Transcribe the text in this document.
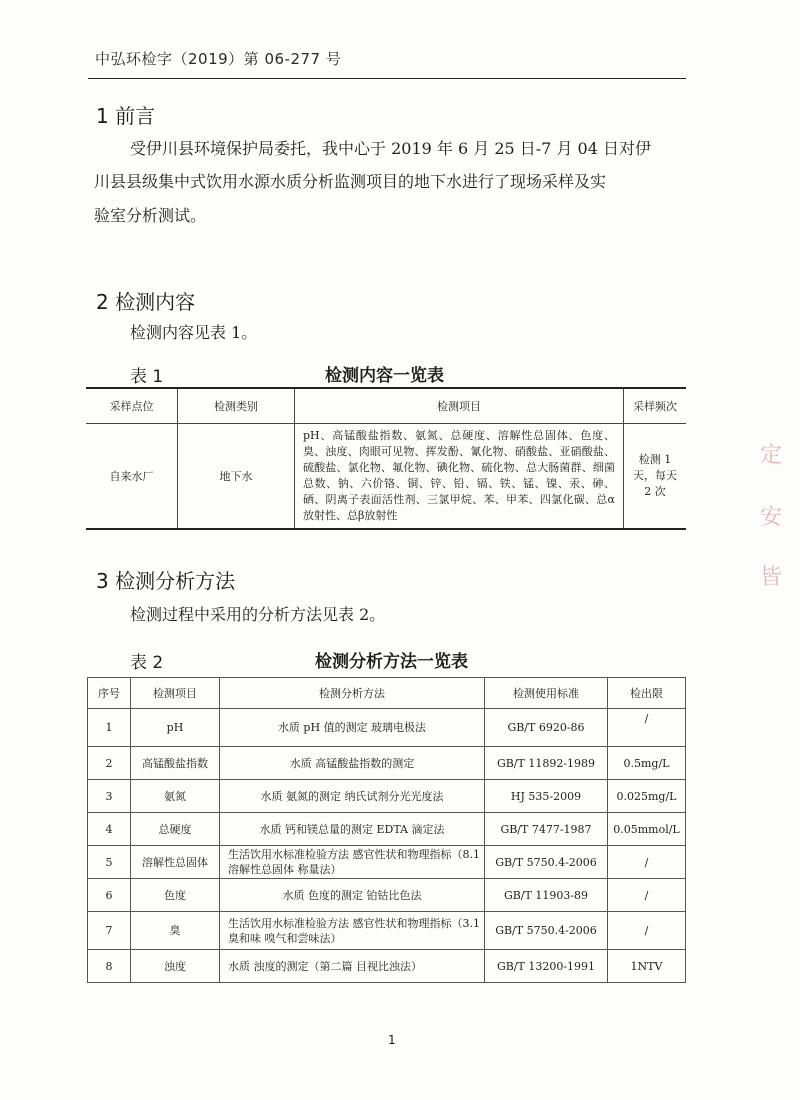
中弘环检字（2019）第 06-277 号
1 前言
受伊川县环境保护局委托，我中心于 2019 年 6 月 25 日-7 月 04 日对伊
川县县级集中式饮用水源水质分析监测项目的地下水进行了现场采样及实
验室分析测试。
2 检测内容
检测内容见表 1。
表 1	检测内容一览表
采样点位	检测类别	检测项目	采样频次
自来水厂	地下水	pH、高锰酸盐指数、氨氮、总硬度、溶解性总固体、色度、臭、浊度、肉眼可见物、挥发酚、氰化物、硝酸盐、亚硝酸盐、硫酸盐、氯化物、氟化物、碘化物、硫化物、总大肠菌群、细菌总数、钠、六价铬、铜、锌、铅、镉、铁、锰、镍、汞、砷、硒、阴离子表面活性剂、三氯甲烷、苯、甲苯、四氯化碳、总α放射性、总β放射性	检测 1 天，每天 2 次
3 检测分析方法
检测过程中采用的分析方法见表 2。
表 2	检测分析方法一览表
序号	检测项目	检测分析方法	检测使用标准	检出限
1	pH	水质 pH 值的测定 玻璃电极法	GB/T 6920-86	/
2	高锰酸盐指数	水质 高锰酸盐指数的测定	GB/T 11892-1989	0.5mg/L
3	氨氮	水质 氨氮的测定 纳氏试剂分光光度法	HJ 535-2009	0.025mg/L
4	总硬度	水质 钙和镁总量的测定 EDTA 滴定法	GB/T 7477-1987	0.05mmol/L
5	溶解性总固体	生活饮用水标准检验方法 感官性状和物理指标（8.1 溶解性总固体 称量法）	GB/T 5750.4-2006	/
6	色度	水质 色度的测定 铂钴比色法	GB/T 11903-89	/
7	臭	生活饮用水标准检验方法 感官性状和物理指标（3.1 臭和味 嗅气和尝味法）	GB/T 5750.4-2006	/
8	浊度	水质 浊度的测定（第二篇 目视比浊法）	GB/T 13200-1991	1NTV
1
定
安
皆
